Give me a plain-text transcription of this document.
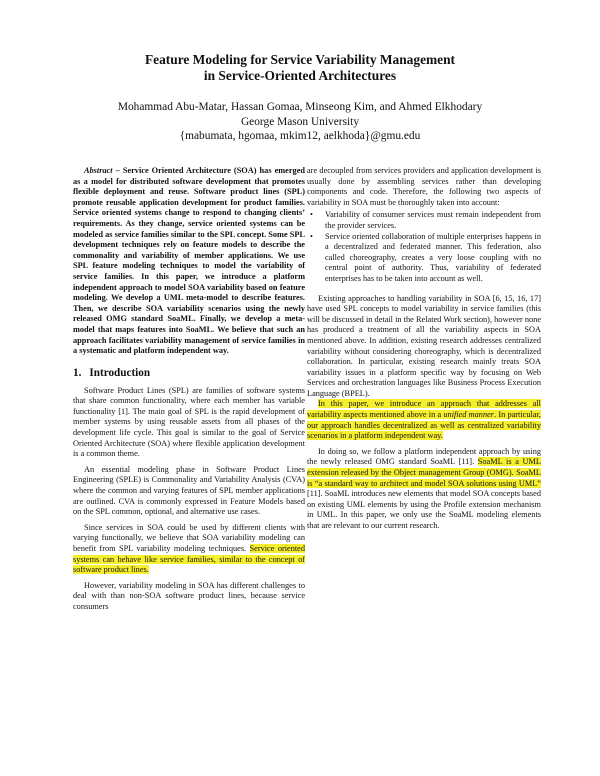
Feature Modeling for Service Variability Management
in Service-Oriented Architectures
Mohammad Abu-Matar, Hassan Gomaa, Minseong Kim, and Ahmed Elkhodary
George Mason University
{mabumata, hgomaa, mkim12, aelkhoda}@gmu.edu

Abstract – Service Oriented Architecture (SOA) has emerged as a model for distributed software development that promotes flexible deployment and reuse. Software product lines (SPL) promote reusable application development for product families. Service oriented systems change to respond to changing clients’ requirements. As they change, service oriented systems can be modeled as service families similar to the SPL concept. Some SPL development techniques rely on feature models to describe the commonality and variability of member applications. We use SPL feature modeling techniques to model the variability of service families. In this paper, we introduce a platform independent approach to model SOA variability based on feature modeling. We develop a UML meta-model to describe features. Then, we describe SOA variability scenarios using the newly released OMG standard SoaML. Finally, we develop a meta-model that maps features into SoaML. We believe that such an approach facilitates variability management of service families in a systematic and platform independent way.

1. Introduction

Software Product Lines (SPL) are families of software systems that share common functionality, where each member has variable functionality [1]. The main goal of SPL is the rapid development of member systems by using reusable assets from all phases of the development life cycle. This goal is similar to the goal of Service Oriented Architecture (SOA) where flexible application development is a common theme.

An essential modeling phase in Software Product Lines Engineering (SPLE) is Commonality and Variability Analysis (CVA) where the common and varying features of SPL member applications are outlined. CVA is commonly expressed in Feature Models based on the SPL common, optional, and alternative use cases.

Since services in SOA could be used by different clients with varying functionally, we believe that SOA variability modeling can benefit from SPL variability modeling techniques. Service oriented systems can behave like service families, similar to the concept of software product lines.

However, variability modeling in SOA has different challenges to deal with than non-SOA software product lines, because service consumers

are decoupled from services providers and application development is usually done by assembling services rather than developing components and code. Therefore, the following two aspects of variability in SOA must be thoroughly taken into account:

• Variability of consumer services must remain independent from the provider services.
• Service oriented collaboration of multiple enterprises happens in a decentralized and federated manner. This federation, also called choreography, creates a very loose coupling with no central point of authority. Thus, variability of federated enterprises has to be taken into account as well.

Existing approaches to handling variability in SOA [6, 15, 16, 17] have used SPL concepts to model variability in service families (this will be discussed in detail in the Related Work section), however none has produced a treatment of all the variability aspects in SOA mentioned above. In addition, existing research addresses centralized variability without considering choreography, which is decentralized collaboration. In particular, existing research mainly treats SOA variability issues in a platform specific way by focusing on Web Services and orchestration languages like Business Process Execution Language (BPEL).

In this paper, we introduce an approach that addresses all variability aspects mentioned above in a unified manner. In particular, our approach handles decentralized as well as centralized variability scenarios in a platform independent way.

In doing so, we follow a platform independent approach by using the newly released OMG standard SoaML [11]. SoaML is a UML extension released by the Object management Group (OMG). SoaML is “a standard way to architect and model SOA solutions using UML” [11]. SoaML introduces new elements that model SOA concepts based on existing UML elements by using the Profile extension mechanism in UML. In this paper, we only use the SoaML modeling elements that are relevant to our current research.
